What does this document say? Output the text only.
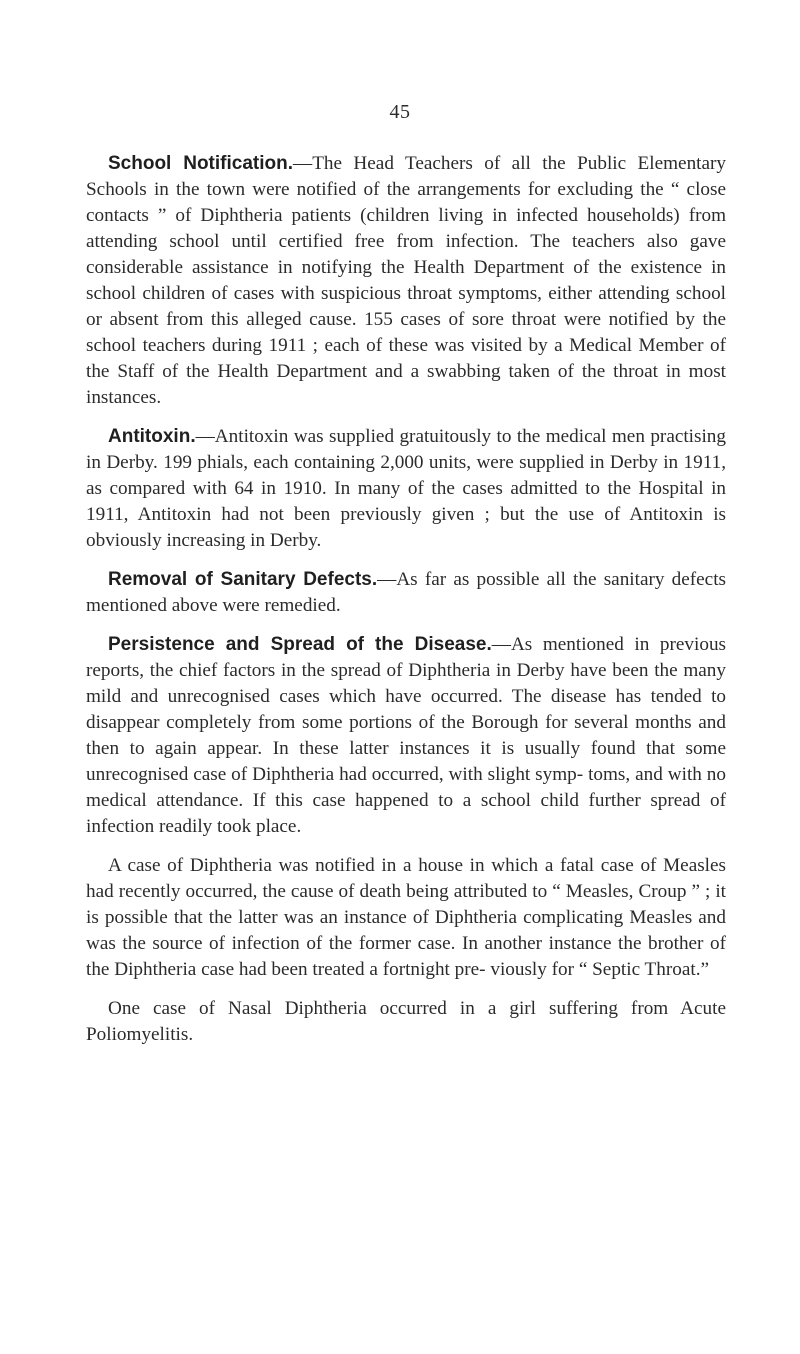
45

School Notification.—The Head Teachers of all the Public Elementary Schools in the town were notified of the arrangements for excluding the “ close contacts ” of Diphtheria patients (children living in infected households) from attending school until certified free from infection. The teachers also gave considerable assistance in notifying the Health Department of the existence in school children of cases with suspicious throat symptoms, either attending school or absent from this alleged cause. 155 cases of sore throat were notified by the school teachers during 1911 ; each of these was visited by a Medical Member of the Staff of the Health Department and a swabbing taken of the throat in most instances.

Antitoxin.—Antitoxin was supplied gratuitously to the medical men practising in Derby. 199 phials, each containing 2,000 units, were supplied in Derby in 1911, as compared with 64 in 1910. In many of the cases admitted to the Hospital in 1911, Antitoxin had not been previously given ; but the use of Antitoxin is obviously increasing in Derby.

Removal of Sanitary Defects.—As far as possible all the sanitary defects mentioned above were remedied.

Persistence and Spread of the Disease.—As mentioned in previous reports, the chief factors in the spread of Diphtheria in Derby have been the many mild and unrecognised cases which have occurred. The disease has tended to disappear completely from some portions of the Borough for several months and then to again appear. In these latter instances it is usually found that some unrecognised case of Diphtheria had occurred, with slight symp- toms, and with no medical attendance. If this case happened to a school child further spread of infection readily took place.

A case of Diphtheria was notified in a house in which a fatal case of Measles had recently occurred, the cause of death being attributed to “ Measles, Croup ” ; it is possible that the latter was an instance of Diphtheria complicating Measles and was the source of infection of the former case. In another instance the brother of the Diphtheria case had been treated a fortnight pre- viously for “ Septic Throat.”

One case of Nasal Diphtheria occurred in a girl suffering from Acute Poliomyelitis.
